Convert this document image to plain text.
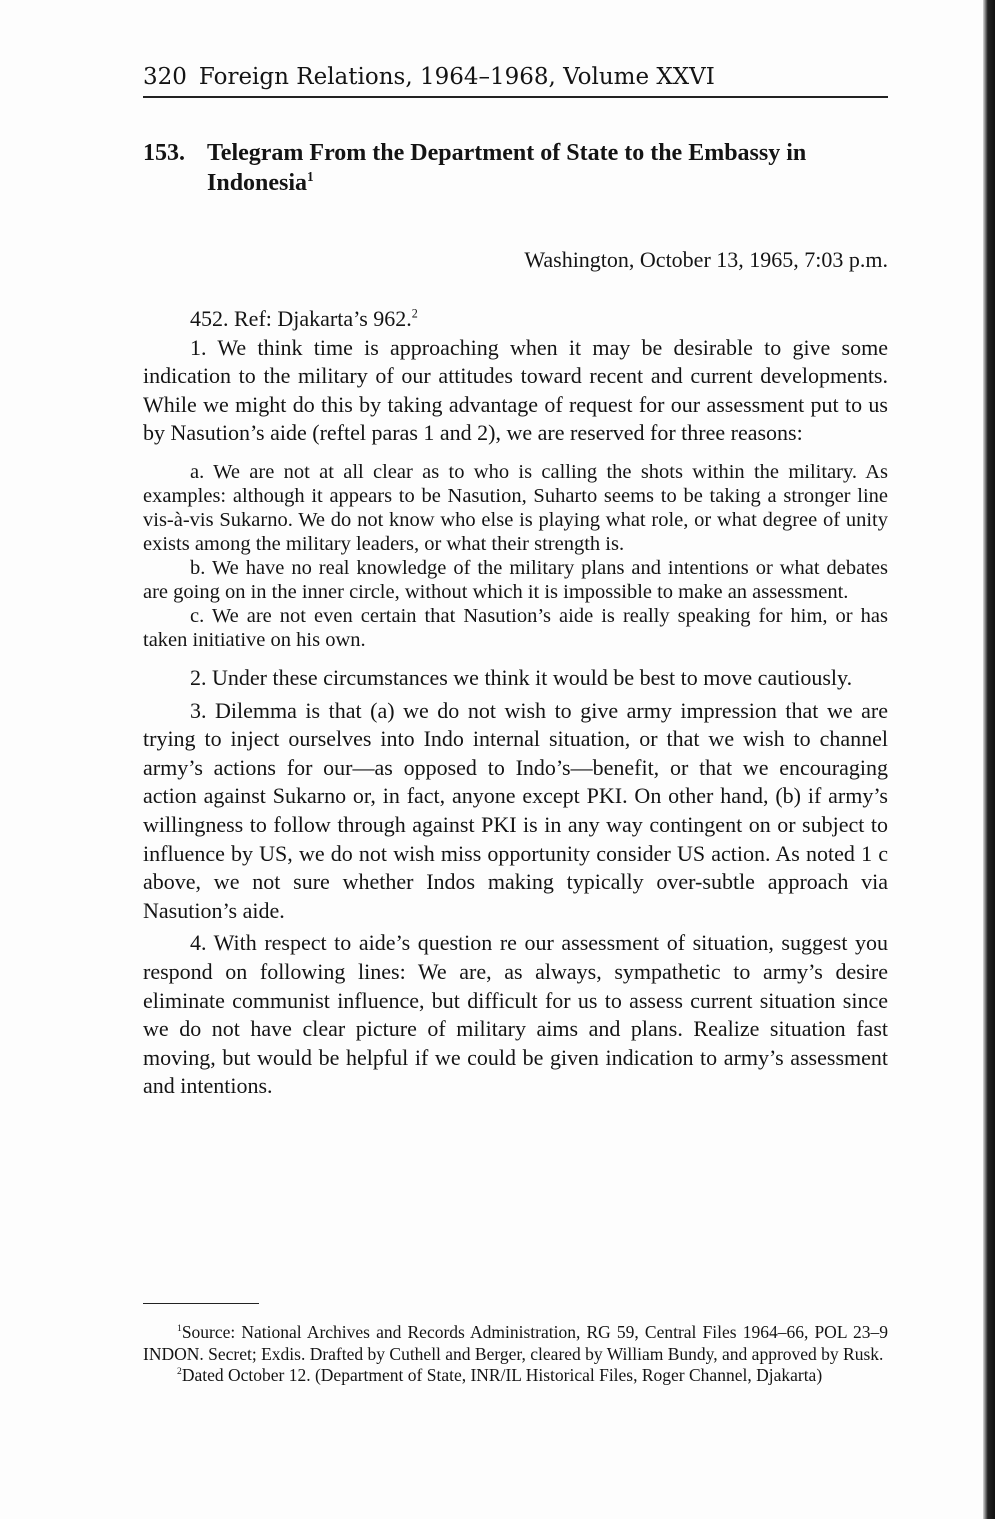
320 Foreign Relations, 1964–1968, Volume XXVI
153. Telegram From the Department of State to the Embassy in Indonesia$^1$
Washington, October 13, 1965, 7:03 p.m.

452. Ref: Djakarta’s 962.$^2$

1. We think time is approaching when it may be desirable to give some indication to the military of our attitudes toward recent and current developments. While we might do this by taking advantage of request for our assessment put to us by Nasution’s aide (reftel paras 1 and 2), we are reserved for three reasons:

a. We are not at all clear as to who is calling the shots within the military. As examples: although it appears to be Nasution, Suharto seems to be taking a stronger line vis-à-vis Sukarno. We do not know who else is playing what role, or what degree of unity exists among the military leaders, or what their strength is.

b. We have no real knowledge of the military plans and intentions or what debates are going on in the inner circle, without which it is impossible to make an assessment.

c. We are not even certain that Nasution’s aide is really speaking for him, or has taken initiative on his own.

2. Under these circumstances we think it would be best to move cautiously.

3. Dilemma is that (a) we do not wish to give army impression that we are trying to inject ourselves into Indo internal situation, or that we wish to channel army’s actions for our—as opposed to Indo’s—benefit, or that we encouraging action against Sukarno or, in fact, anyone except PKI. On other hand, (b) if army’s willingness to follow through against PKI is in any way contingent on or subject to influence by US, we do not wish miss opportunity consider US action. As noted 1 c above, we not sure whether Indos making typically over-subtle approach via Nasution’s aide.

4. With respect to aide’s question re our assessment of situation, suggest you respond on following lines: We are, as always, sympathetic to army’s desire eliminate communist influence, but difficult for us to assess current situation since we do not have clear picture of military aims and plans. Realize situation fast moving, but would be helpful if we could be given indication to army’s assessment and intentions.

$^1$Source: National Archives and Records Administration, RG 59, Central Files 1964–66, POL 23–9 INDON. Secret; Exdis. Drafted by Cuthell and Berger, cleared by William Bundy, and approved by Rusk.

$^2$Dated October 12. (Department of State, INR/IL Historical Files, Roger Channel, Djakarta)
